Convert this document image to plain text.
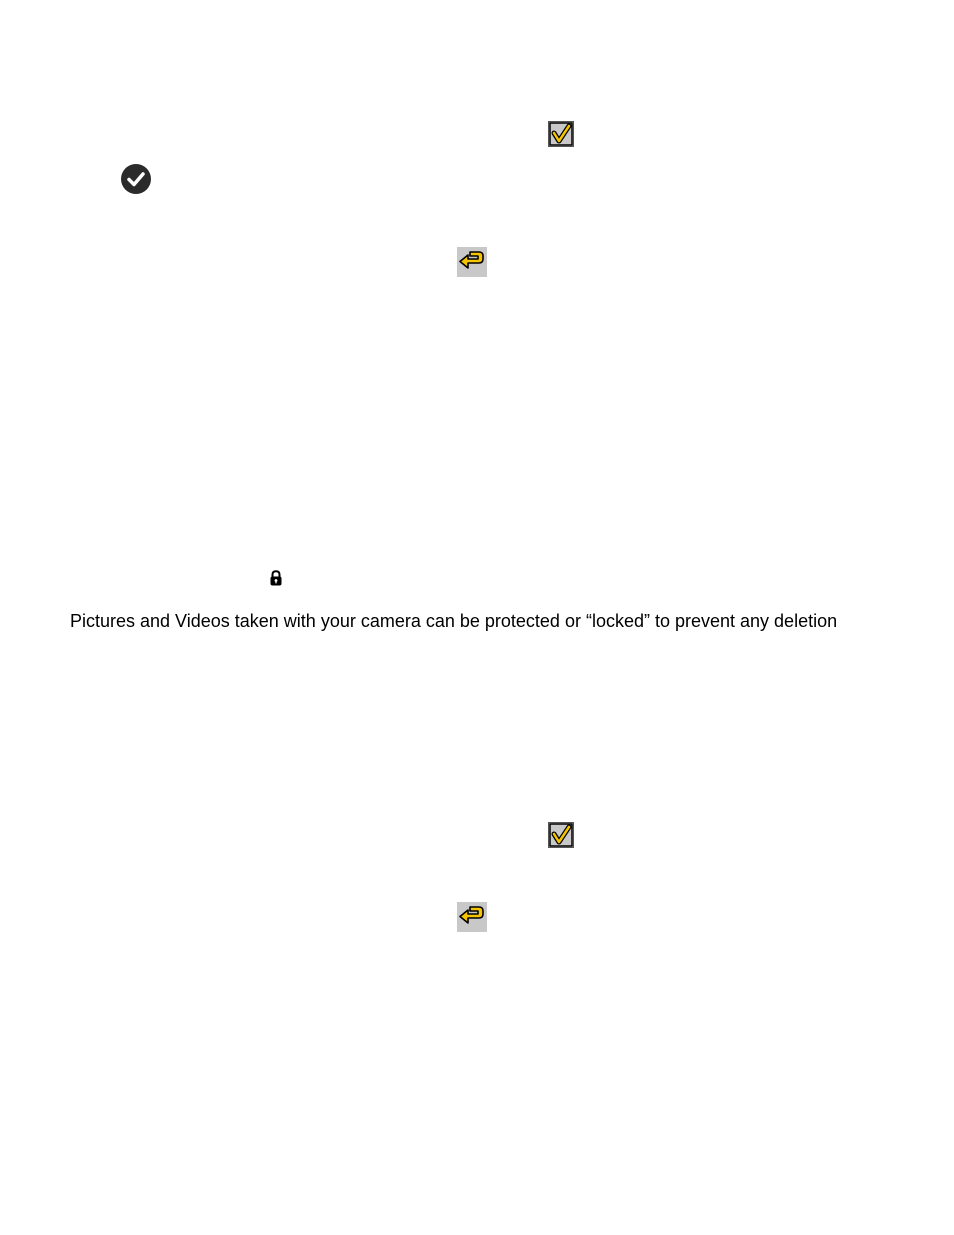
Pictures and Videos taken with your camera can be protected or “locked” to prevent any deletion
